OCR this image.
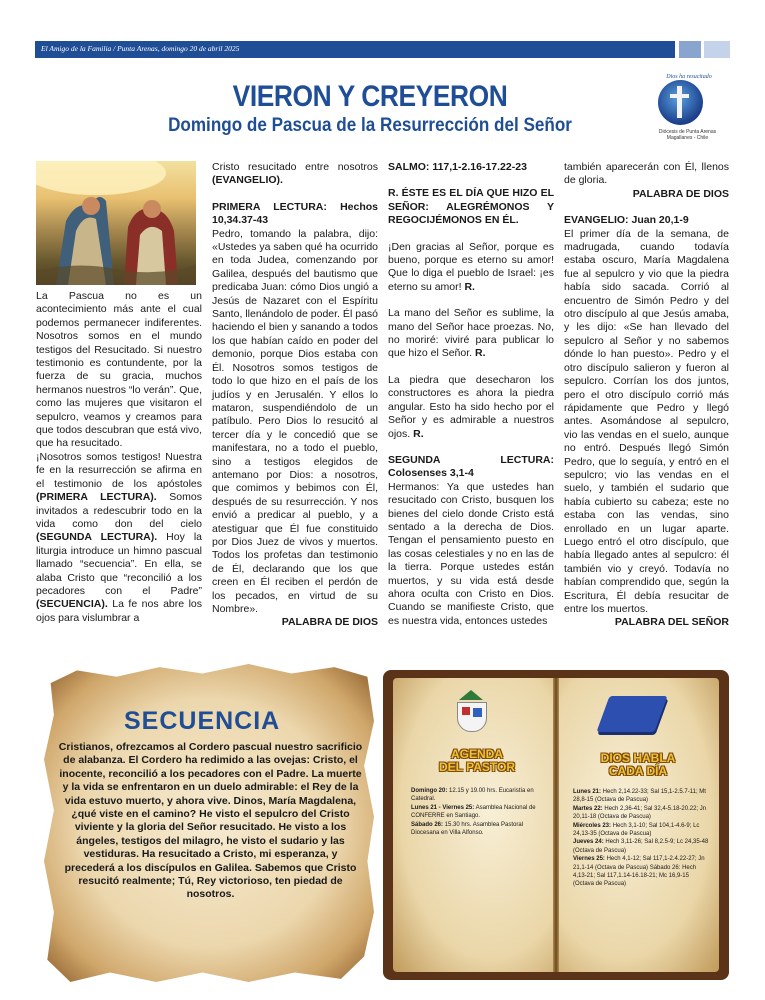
El Amigo de la Familia / Punta Arenas, domingo 20 de abril 2025
VIERON Y CREYERON
Domingo de Pascua de la Resurrección del Señor
Dios ha resucitado
Diócesis de Punta Arenas
Magallanes - Chile

La Pascua no es un acontecimiento más ante el cual podemos permanecer indiferentes. Nosotros somos en el mundo testigos del Resucitado. Si nuestro testimonio es contundente, por la fuerza de su gracia, muchos hermanos nuestros “lo verán”. Que, como las mujeres que visitaron el sepulcro, veamos y creamos para que todos descubran que está vivo, que ha resucitado.

¡Nosotros somos testigos! Nuestra fe en la resurrección se afirma en el testimonio de los apóstoles (PRIMERA LECTURA). Somos invitados a redescubrir todo en la vida como don del cielo (SEGUNDA LECTURA). Hoy la liturgia introduce un himno pascual llamado “secuencia”. En ella, se alaba Cristo que “reconcilió a los pecadores con el Padre” (SECUENCIA). La fe nos abre los ojos para vislumbrar a

Cristo resucitado entre nosotros (EVANGELIO).

PRIMERA LECTURA: Hechos 10,34.37-43

Pedro, tomando la palabra, dijo: «Ustedes ya saben qué ha ocurrido en toda Judea, comenzando por Galilea, después del bautismo que predicaba Juan: cómo Dios ungió a Jesús de Nazaret con el Espíritu Santo, llenándolo de poder. Él pasó haciendo el bien y sanando a todos los que habían caído en poder del demonio, porque Dios estaba con Él. Nosotros somos testigos de todo lo que hizo en el país de los judíos y en Jerusalén. Y ellos lo mataron, suspendiéndolo de un patíbulo. Pero Dios lo resucitó al tercer día y le concedió que se manifestara, no a todo el pueblo, sino a testigos elegidos de antemano por Dios: a nosotros, que comimos y bebimos con Él, después de su resurrección. Y nos envió a predicar al pueblo, y a atestiguar que Él fue constituido por Dios Juez de vivos y muertos. Todos los profetas dan testimonio de Él, declarando que los que creen en Él reciben el perdón de los pecados, en virtud de su Nombre».

PALABRA DE DIOS

SALMO: 117,1-2.16-17.22-23

R. ÉSTE ES EL DÍA QUE HIZO EL SEÑOR: ALEGRÉMONOS Y REGOCIJÉMONOS EN ÉL.

¡Den gracias al Señor, porque es bueno, porque es eterno su amor! Que lo diga el pueblo de Israel: ¡es eterno su amor! R.

La mano del Señor es sublime, la mano del Señor hace proezas. No, no moriré: viviré para publicar lo que hizo el Señor. R.

La piedra que desecharon los constructores es ahora la piedra angular. Esto ha sido hecho por el Señor y es admirable a nuestros ojos. R.

SEGUNDA LECTURA: Colosenses 3,1-4

Hermanos: Ya que ustedes han resucitado con Cristo, busquen los bienes del cielo donde Cristo está sentado a la derecha de Dios. Tengan el pensamiento puesto en las cosas celestiales y no en las de la tierra. Porque ustedes están muertos, y su vida está desde ahora oculta con Cristo en Dios. Cuando se manifieste Cristo, que es nuestra vida, entonces ustedes

también aparecerán con Él, llenos de gloria.

PALABRA DE DIOS

EVANGELIO: Juan 20,1-9

El primer día de la semana, de madrugada, cuando todavía estaba oscuro, María Magdalena fue al sepulcro y vio que la piedra había sido sacada. Corrió al encuentro de Simón Pedro y del otro discípulo al que Jesús amaba, y les dijo: «Se han llevado del sepulcro al Señor y no sabemos dónde lo han puesto». Pedro y el otro discípulo salieron y fueron al sepulcro. Corrían los dos juntos, pero el otro discípulo corrió más rápidamente que Pedro y llegó antes. Asomándose al sepulcro, vio las vendas en el suelo, aunque no entró. Después llegó Simón Pedro, que lo seguía, y entró en el sepulcro; vio las vendas en el suelo, y también el sudario que había cubierto su cabeza; este no estaba con las vendas, sino enrollado en un lugar aparte. Luego entró el otro discípulo, que había llegado antes al sepulcro: él también vio y creyó. Todavía no habían comprendido que, según la Escritura, Él debía resucitar de entre los muertos.

PALABRA DEL SEÑOR

SECUENCIA
Cristianos, ofrezcamos al Cordero pascual nuestro sacrificio de alabanza. El Cordero ha redimido a las ovejas: Cristo, el inocente, reconcilió a los pecadores con el Padre. La muerte y la vida se enfrentaron en un duelo admirable: el Rey de la vida estuvo muerto, y ahora vive. Dinos, María Magdalena, ¿qué viste en el camino? He visto el sepulcro del Cristo viviente y la gloria del Señor resucitado. He visto a los ángeles, testigos del milagro, he visto el sudario y las vestiduras. Ha resucitado a Cristo, mi esperanza, y precederá a los discípulos en Galilea. Sabemos que Cristo resucitó realmente; Tú, Rey victorioso, ten piedad de nosotros.
AGENDA
DEL PASTOR

Domingo 20: 12.15 y 19.00 hrs. Eucaristía en Catedral.

Lunes 21 - Viernes 25: Asamblea Nacional de CONFERRE en Santiago.

Sábado 26: 15.30 hrs. Asamblea Pastoral Diocesana en Villa Alfonso.

DIOS HABLA
CADA DÍA

Lunes 21: Hech 2,14.22-33; Sal 15,1-2.5.7-11; Mt 28,8-15 (Octava de Pascua)

Martes 22: Hech 2,36-41; Sal 32,4-5.18-20.22; Jn 20,11-18 (Octava de Pascua)

Miércoles 23: Hech 3,1-10; Sal 104,1-4.6-9; Lc 24,13-35 (Octava de Pascua)

Jueves 24: Hech 3,11-26; Sal 8,2.5-9; Lc 24,35-48 (Octava de Pascua)

Viernes 25: Hech 4,1-12; Sal 117,1-2.4.22-27; Jn 21,1-14 (Octava de Pascua) Sábado 26: Hech 4,13-21; Sal 117,1.14-16.18-21; Mc 16,9-15 (Octava de Pascua)
